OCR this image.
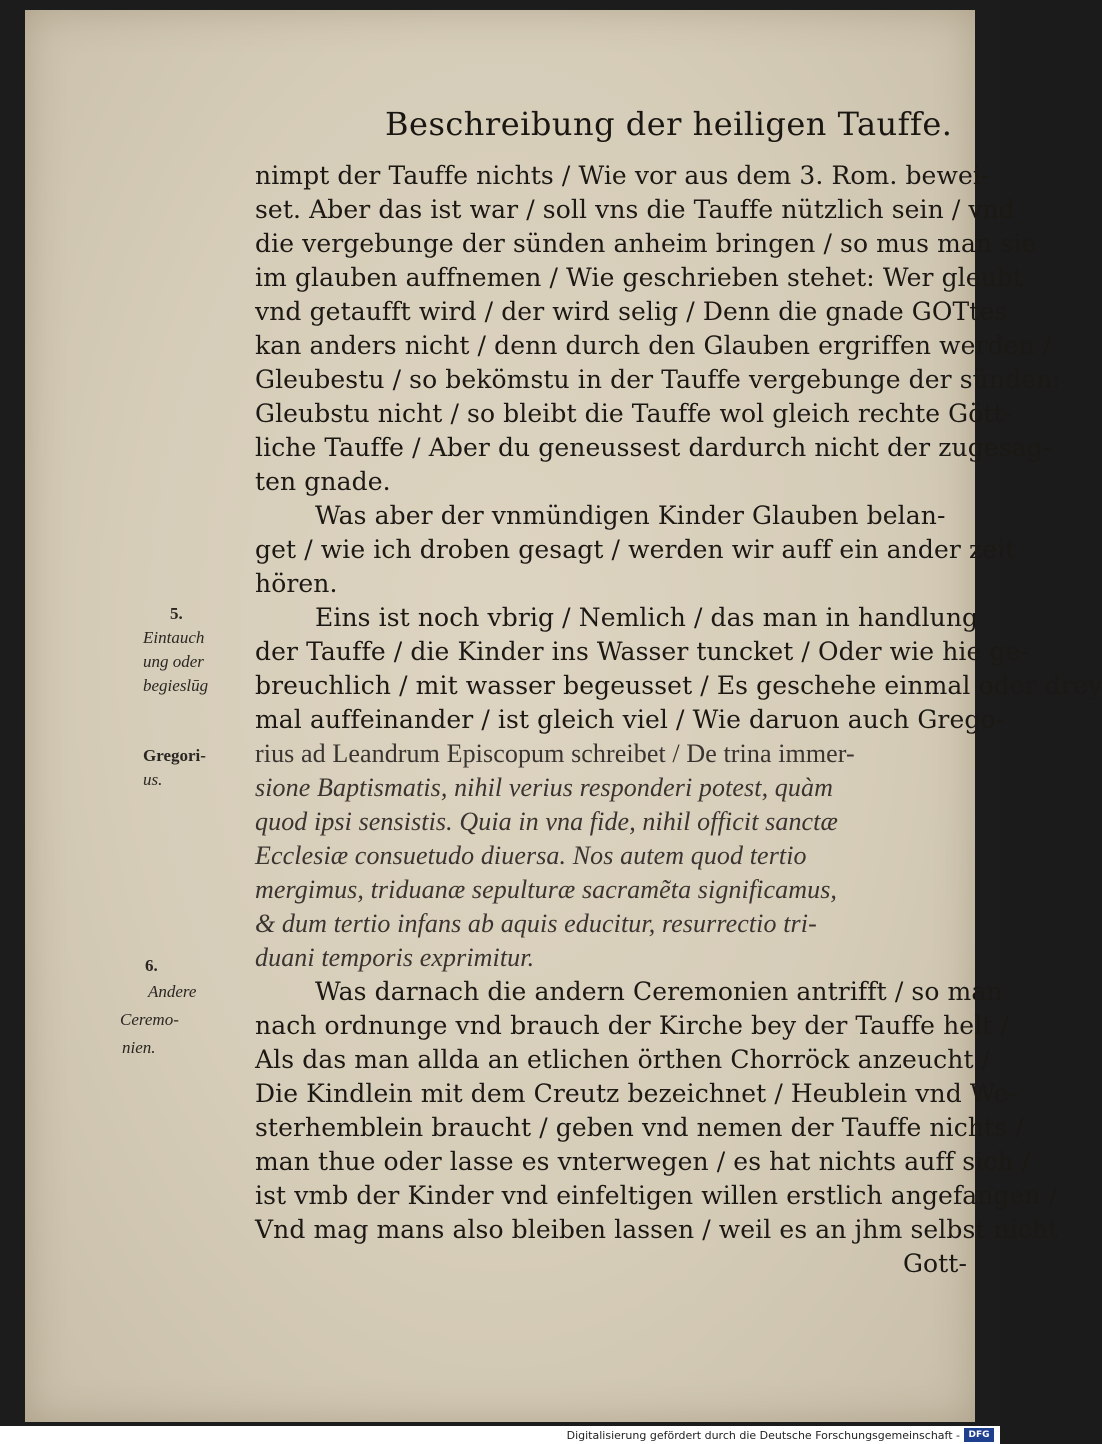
Beschreibung der heiligen Tauffe.
nimpt der Tauffe nichts / Wie vor aus dem 3. Rom. bewei-
set. Aber das ist war / soll vns die Tauffe nützlich sein / vnd
die vergebunge der sünden anheim bringen / so mus man sie
im glauben auffnemen / Wie geschrieben stehet: Wer gleubt
vnd getaufft wird / der wird selig / Denn die gnade GOTtes
kan anders nicht / denn durch den Glauben ergriffen werden /
Gleubestu / so bekömstu in der Tauffe vergebunge der sünden:
Gleubstu nicht / so bleibt die Tauffe wol gleich rechte Gött-
liche Tauffe / Aber du geneussest dardurch nicht der zugesag-
ten gnade.
Was aber der vnmündigen Kinder Glauben belan-
get / wie ich droben gesagt / werden wir auff ein ander zeit
hören.
Eins ist noch vbrig / Nemlich / das man in handlung
der Tauffe / die Kinder ins Wasser tuncket / Oder wie hie ge-
breuchlich / mit wasser begeusset / Es geschehe einmal oder drey
mal auffeinander / ist gleich viel / Wie daruon auch Grego-
rius ad Leandrum Episcopum schreibet / De trina immer-
sione Baptismatis, nihil verius responderi potest, quàm
quod ipsi sensistis. Quia in vna fide, nihil officit sanctæ
Ecclesiæ consuetudo diuersa. Nos autem quod tertio
mergimus, triduanæ sepulturæ sacramẽta significamus,
& dum tertio infans ab aquis educitur, resurrectio tri-
duani temporis exprimitur.
Was darnach die andern Ceremonien antrifft / so man
nach ordnunge vnd brauch der Kirche bey der Tauffe helt /
Als das man allda an etlichen örthen Chorröck anzeucht /
Die Kindlein mit dem Creutz bezeichnet / Heublein vnd We-
sterhemblein braucht / geben vnd nemen der Tauffe nichts /
man thue oder lasse es vnterwegen / es hat nichts auff sich /
ist vmb der Kinder vnd einfeltigen willen erstlich angefangen /
Vnd mag mans also bleiben lassen / weil es an jhm selbst nicht
Gott-
5.
Eintauch
ung oder
begieslūg
Gregori-
us.
6.
Andere
Ceremo-
nien.
Digitalisierung gefördert durch die Deutsche Forschungsgemeinschaft - DFG
